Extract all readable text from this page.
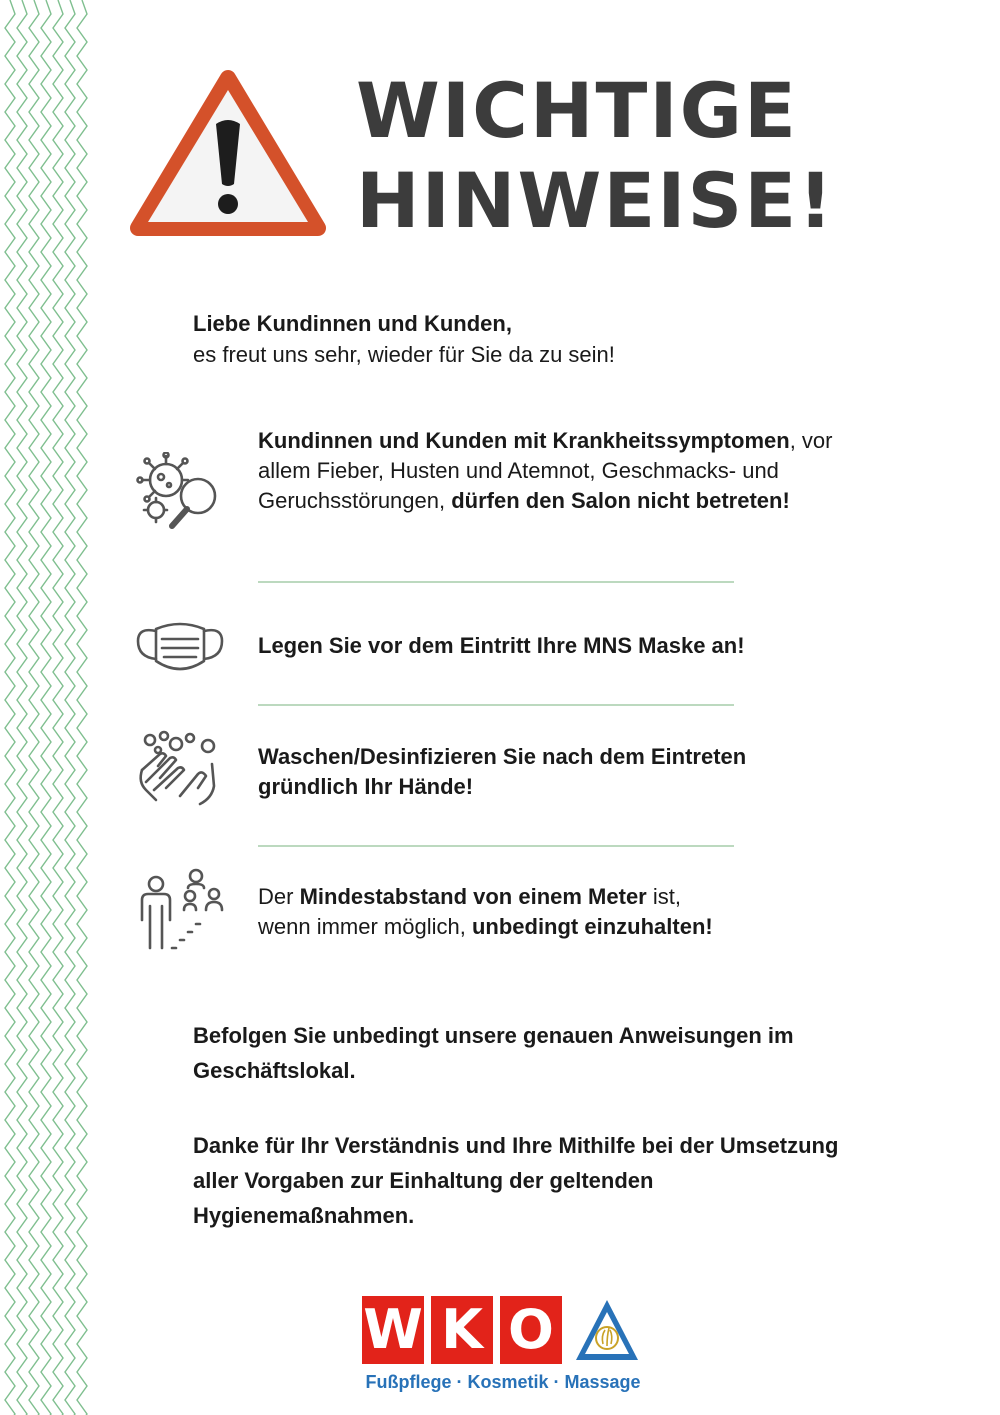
WICHTIGE
HINWEISE!
Liebe Kundinnen und Kunden,
es freut uns sehr, wieder für Sie da zu sein!
Kundinnen und Kunden mit Krankheitssymptomen, vor allem Fieber, Husten und Atemnot, Geschmacks- und Geruchsstörungen, dürfen den Salon nicht betreten!
Legen Sie vor dem Eintritt Ihre MNS Maske an!
Waschen/Desinfizieren Sie nach dem Eintreten
gründlich Ihr Hände!
Der Mindestabstand von einem Meter ist,
wenn immer möglich, unbedingt einzuhalten!
Befolgen Sie unbedingt unsere genauen Anweisungen im Geschäftslokal.
Danke für Ihr Verständnis und Ihre Mithilfe bei der Umsetzung aller Vorgaben zur Einhaltung der geltenden Hygienemaßnahmen.
W K O
Fußpflege · Kosmetik · Massage
